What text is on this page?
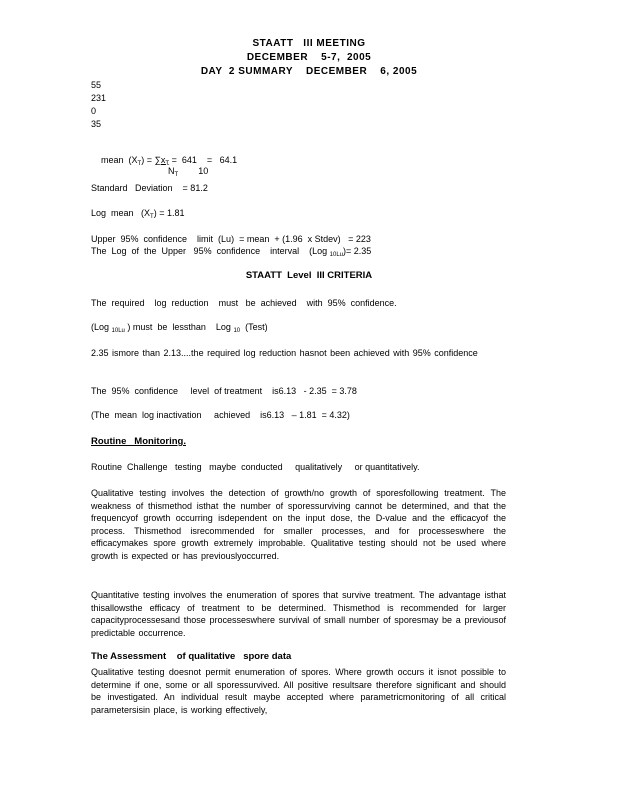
STAATT   III MEETING
DECEMBER    5-7,  2005
DAY  2 SUMMARY    DECEMBER    6, 2005
55
231
0
35

mean  $(X_T) = \sum x_T = 641$    =   64.1

$N_T$ 10

Standard   Deviation    = 81.2
Log  mean   $(X_T) = 1.81$
Upper  95%  confidence    limit  (Lu)  = mean  + (1.96  x Stdev)   = 223
The  Log  of  the  Upper   95%  confidence    interval    (Log $_{10Lu}$)= 2.35
STAATT  Level  III CRITERIA
The  required    log  reduction    must   be  achieved    with  95%  confidence.
(Log $_{10Lu}$ ) must  be  lessthan    Log $_{10}$  (Test)
2.35 ismore than 2.13....the required log reduction hasnot been achieved with 95% confidence
The  95%  confidence     level  of treatment    is6.13   - 2.35  = 3.78
(The  mean  log inactivation     achieved    is6.13   – 1.81  = 4.32)
Routine   Monitoring.
Routine  Challenge   testing   maybe  conducted     qualitatively     or quantitatively.
Qualitative testing involves the detection of growth/no growth of sporesfollowing treatment. The weakness of thismethod isthat the number of sporessurviving cannot be determined, and that the frequencyof growth occurring isdependent on the input dose, the D-value and the efficacyof the process. Thismethod isrecommended for smaller processes, and for processeswhere the efficacymakes spore growth extremely improbable. Qualitative testing should not be used where growth is expected or has previouslyoccurred.
Quantitative testing involves the enumeration of spores that survive treatment. The advantage isthat thisallowsthe efficacy of treatment to be determined. Thismethod is recommended for larger capacityprocessesand those processeswhere survival of small number of sporesmay be a previousof predictable occurrence.
The Assessment    of qualitative   spore data
Qualitative testing doesnot permit enumeration of spores. Where growth occurs it isnot possible to determine if one, some or all sporessurvived. All positive resultsare therefore significant and should be investigated. An individual result maybe accepted where parametricmonitoring of all critical parametersisin place, is working effectively,
